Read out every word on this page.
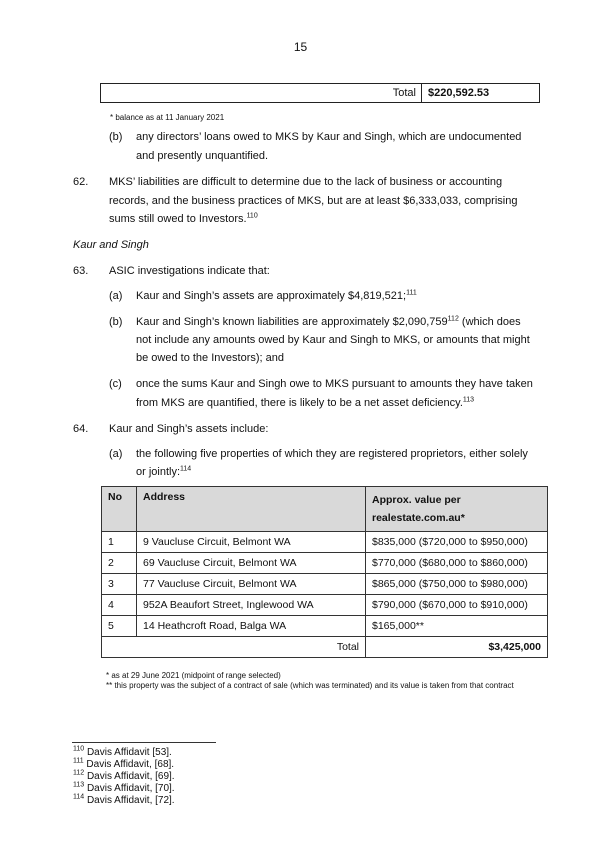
15
Total $220,592.53
* balance as at 11 January 2021
(b) any directors’ loans owed to MKS by Kaur and Singh, which are undocumented
and presently unquantified.
62. MKS’ liabilities are difficult to determine due to the lack of business or accounting
records, and the business practices of MKS, but are at least $6,333,033, comprising
sums still owed to Investors.$^{110}$
Kaur and Singh
63. ASIC investigations indicate that:
(a) Kaur and Singh’s assets are approximately $4,819,521;$^{111}$
(b) Kaur and Singh’s known liabilities are approximately $2,090,759$^{112}$ (which does
not include any amounts owed by Kaur and Singh to MKS, or amounts that might
be owed to the Investors); and
(c) once the sums Kaur and Singh owe to MKS pursuant to amounts they have taken
from MKS are quantified, there is likely to be a net asset deficiency.$^{113}$
64. Kaur and Singh’s assets include:
(a) the following five properties of which they are registered proprietors, either solely
or jointly:$^{114}$
No	Address	Approx. value per realestate.com.au*
1	9 Vaucluse Circuit, Belmont WA	$835,000 ($720,000 to $950,000)
2	69 Vaucluse Circuit, Belmont WA	$770,000 ($680,000 to $860,000)
3	77 Vaucluse Circuit, Belmont WA	$865,000 ($750,000 to $980,000)
4	952A Beaufort Street, Inglewood WA	$790,000 ($670,000 to $910,000)
5	14 Heathcroft Road, Balga WA	$165,000**
Total		$3,425,000
* as at 29 June 2021 (midpoint of range selected)
** this property was the subject of a contract of sale (which was terminated) and its value is taken from that contract
$^{110}$ Davis Affidavit [53].
$^{111}$ Davis Affidavit, [68].
$^{112}$ Davis Affidavit, [69].
$^{113}$ Davis Affidavit, [70].
$^{114}$ Davis Affidavit, [72].
